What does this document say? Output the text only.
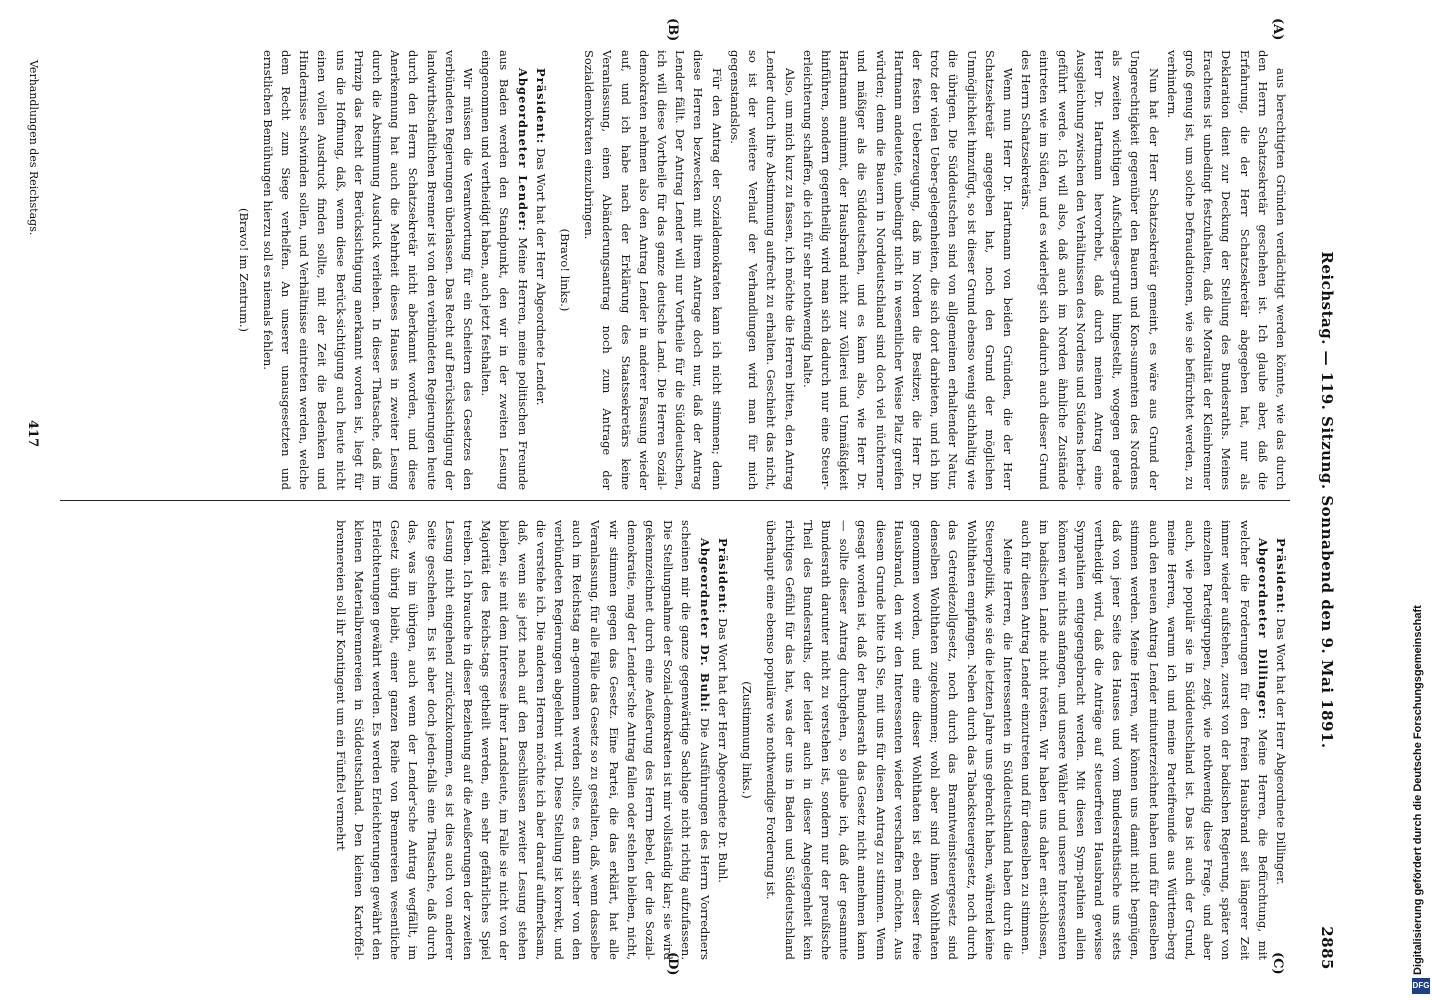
Reichstag. — 119. Sitzung. Sonnabend den 9. Mai 1891.
2885
(A)
(B)
(C)
(D)

aus berechtigten Gründen verdächtigt werden könnte, wie das durch den Herrn Schatzsekretär geschehen ist. Ich glaube aber, daß die Erfahrung, die der Herr Schatzsekretär abgegeben hat, nur als Deklaration dient zur Deckung der Stellung des Bundesraths. Meines Erachtens ist unbedingt festzuhalten, daß die Moralität der Kleinbrenner groß genug ist, um solche Defraudationen, wie sie befürchtet werden, zu verhindern.

Nun hat der Herr Schatzsekretär gemeint, es wäre aus Grund der Ungerechtigkeit gegenüber den Bauern und Kon-sumenten des Nordens als zweiten wichtigen Aufschlages-grund hingestellt, wogegen gerade Herr Dr. Hartmann hervorhebt, daß durch meinen Antrag eine Ausgleichung zwischen den Verhältnissen des Nordens und Südens herbei-geführt werde. Ich will also, daß auch im Norden ähnliche Zustände eintreten wie im Süden, und es widerlegt sich dadurch auch dieser Grund des Herrn Schatzsekretärs.

Wenn nun Herr Dr. Hartmann von beiden Gründen, die der Herr Schatzsekretär angegeben hat, noch den Grund der möglichen Unmöglichkeit hinzufügt, so ist dieser Grund ebenso wenig stichhaltig wie die übrigen. Die Süddeutschen sind von allgemeinen erhaltender Natur, trotz der vielen Ueber-gelegenheiten, die sich dort darbieten, und ich bin der festen Ueberzeugung, daß im Norden die Besitzer, die Herr Dr. Hartmann andeutete, unbedingt nicht in wesentlicher Weise Platz greifen würden; denn die Bauern in Norddeutschland sind doch viel nüchterner und mäßiger als die Süddeutschen, und es kann also, wie Herr Dr. Hartmann annimmt, der Hausbrand nicht zur Völlerei und Unmäßigkeit hinführen, sondern gegentheilig wird man sich dadurch nur eine Steuer-erleichterung schaffen, die ich für sehr nothwendig halte.

Also, um mich kurz zu fassen, ich möchte die Herren bitten, den Antrag Lender durch ihre Abstimmung aufrecht zu erhalten. Geschieht das nicht, so ist der weitere Verlauf der Verhandlungen wird man für mich gegenstandslos.

Für den Antrag der Sozialdemokraten kann ich nicht stimmen; denn diese Herren bezwecken mit ihrem Antrage doch nur, daß der Antrag Lender fällt. Der Antrag Lender will nur Vortheile für die Süddeutschen, ich will diese Vortheile für das ganze deutsche Land. Die Herren Sozial-demokraten nehmen also den Antrag Lender in anderer Fassung wieder auf, und ich habe nach der Erklärung des Staatssekretärs keine Veranlassung, einen Abänderungsantrag noch zum Antrage der Sozialdemokraten einzubringen.

(Bravo! links.)

Präsident: Das Wort hat der Herr Abgeordnete Lender.

Abgeordneter Lender: Meine Herren, meine politischen Freunde aus Baden werden den Standpunkt, den wir in der zweiten Lesung eingenommen und vertheidigt haben, auch jetzt festhalten.

Wir müssen die Verantwortung für ein Scheitern des Gesetzes den verbündeten Regierungen überlassen. Das Recht auf Berücksichtigung der landwirthschaftlichen Brenner ist von den verbündeten Regierungen heute durch den Herrn Schatzsekretär nicht aberkannt worden, und diese Anerkennung hat auch die Mehrheit dieses Hauses in zweiter Lesung durch die Abstimmung Ausdruck verliehen. In dieser Thatsache, daß im Prinzip das Recht der Berücksichtigung anerkannt worden ist, liegt für uns die Hoffnung, daß, wenn diese Berück-sichtigung auch heute nicht einen vollen Ausdruck finden sollte, mit der Zeit die Bedenken und Hindernisse schwinden sollen, und Verhältnisse eintreten werden, welche dem Recht zum Siege verhelfen. An unserer unausgesetzten und ernstlichen Bemühungen hierzu soll es niemals fehlen.

(Bravo! im Zentrum.)

Präsident: Das Wort hat der Herr Abgeordnete Dillinger.

Abgeordneter Dillinger: Meine Herren, die Befürchtung, mit welcher die Forderungen für den freien Hausbrand seit längerer Zeit immer wieder aufstehen, zuerst von der badischen Regierung, später von einzelnen Parteigruppen, zeigt, wie nothwendig diese Frage, und aber auch, wie populär sie in Süddeutschland ist. Das ist auch der Grund, meine Herren, warum ich und meine Parteifreunde aus Württem-berg auch den neuen Antrag Lender mitunterzeichnet haben und für denselben stimmen werden. Meine Herren, wir können uns damit nicht begnügen, daß von jener Seite des Hauses und vom Bundesrathstische uns stets vertheidigt wird, daß die Anträge auf steuerfreien Hausbrand gewisse Sympathien entgegengebracht werden. Mit diesen Sym-pathien allein können wir nichts anfangen, und unsere Wähler und unsere Interessenten im badischen Lande nicht trösten. Wir haben uns daher ent-schlossen, auch für diesen Antrag Lender einzutreten und für denselben zu stimmen.

Meine Herren, die Interessenten in Süddeutschland haben durch die Steuerpolitik, wie sie die letzten Jahre uns gebracht haben, während keine Wohlthaten empfangen. Neben durch das Tabacksteuergesetz, noch durch das Getreidezollgesetz, noch durch das Branntweinsteuergesetz sind denselben Wohlthaten zugekommen; wohl aber sind ihnen Wohlthaten genommen worden, und eine dieser Wohlthaten ist eben dieser freie Hausbrand, den wir den Interessenten wieder verschaffen möchten. Aus diesem Grunde bitte ich Sie, mit uns für diesen Antrag zu stimmen. Wenn gesagt worden ist, daß der Bundesrath das Gesetz nicht annehmen kann — sollte dieser Antrag durchgehen, so glaube ich, daß der gesammte Bundesrath darunter nicht zu verstehen ist, sondern nur der preußische Theil des Bundesraths, der leider auch in dieser Angelegenheit kein richtiges Gefühl für das hat, was der uns in Baden und Süddeutschland überhaupt eine ebenso populäre wie nothwendige Forderung ist.

(Zustimmung links.)

Präsident: Das Wort hat der Herr Abgeordnete Dr. Buhl.

Abgeordneter Dr. Buhl: Die Ausführungen des Herrn Vorredners scheinen mir die ganze gegenwärtige Sachlage nicht richtig aufzufassen. Die Stellungnahme der Sozial-demokraten ist mir vollständig klar; sie wird gekennzeichnet durch eine Aeußerung des Herrn Bebel, der die Sozial-demokratie, mag der Lender'sche Antrag fallen oder stehen bleiben, nicht, wir stimmen gegen das Gesetz. Eine Partei, die das erklärt, hat alle Veranlassung, für alle Fälle das Gesetz so zu gestalten, daß, wenn dasselbe auch im Reichstag an-genommen werden sollte, es dann sicher von den verbündeten Regierungen abgelehnt wird. Diese Stellung ist korrekt, und die verstehe ich. Die anderen Herren möchte ich aber darauf aufmerksam, daß, wenn sie jetzt nach auf den Beschlüssen zweiter Lesung stehen bleiben, sie mit dem Interesse ihrer Landsleute, im Falle sie nicht von der Majorität des Reichs-tags getheilt werden, ein sehr gefährliches Spiel treiben. Ich brauche in dieser Beziehung auf die Aeußerungen der zweiten Lesung nicht eingehend zurückzukommen, es ist dies auch von anderer Seite geschehen. Es ist aber doch jeden-falls eine Thatsache, daß durch das, was im übrigen, auch wenn der Lender'sche Antrag wegfällt, im Gesetz übrig bleibt, einer ganzen Reihe von Brennereien wesentliche Erleichterungen gewährt werden. Es werden Erleichterungen gewährt den kleinen Materialbrennereien in Süddeutschland. Den kleinen Kartoffel-brennereien soll ihr Kontingent um ein Fünftel vermehrt

Verhandlungen des Reichstags.
417
Digitalisierung gefördert durch die Deutsche Forschungsgemeinschaft
DFG
